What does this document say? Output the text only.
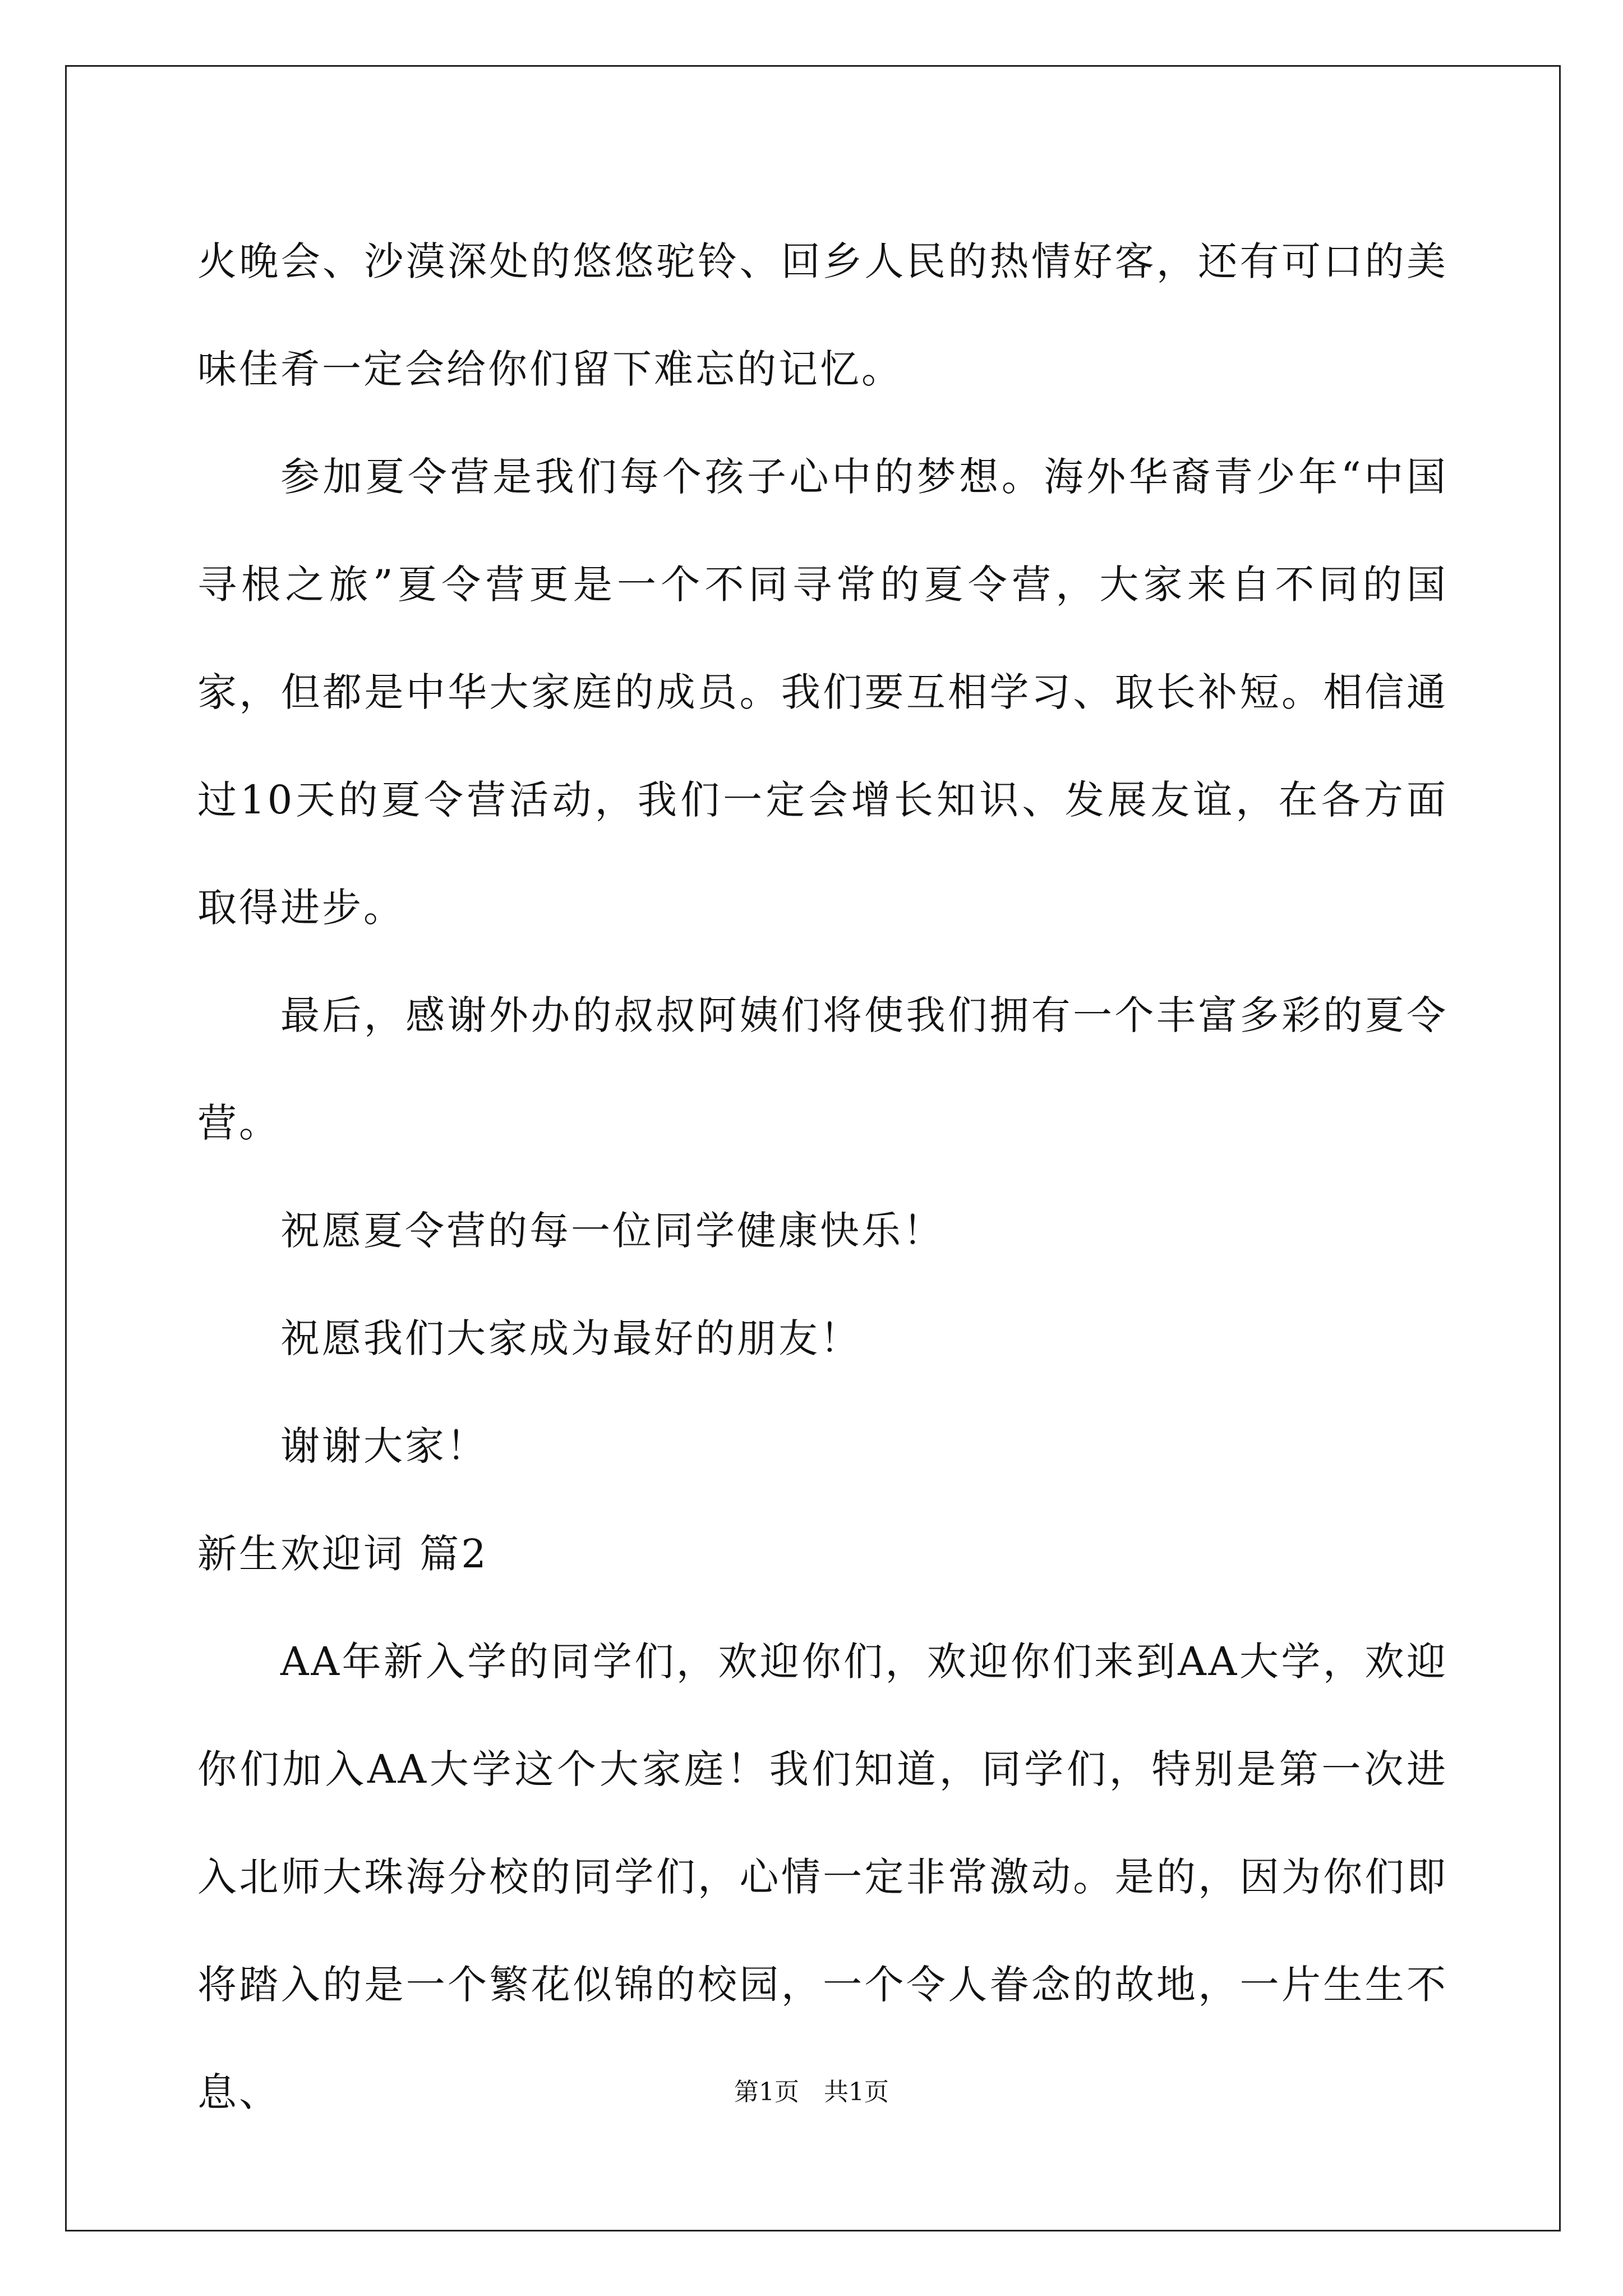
火晚会、沙漠深处的悠悠驼铃、回乡人民的热情好客，还有可口的美味佳肴一定会给你们留下难忘的记忆。

参加夏令营是我们每个孩子心中的梦想。海外华裔青少年“中国寻根之旅”夏令营更是一个不同寻常的夏令营，大家来自不同的国家，但都是中华大家庭的成员。我们要互相学习、取长补短。相信通过10天的夏令营活动，我们一定会增长知识、发展友谊，在各方面取得进步。

最后，感谢外办的叔叔阿姨们将使我们拥有一个丰富多彩的夏令营。

祝愿夏令营的每一位同学健康快乐！

祝愿我们大家成为最好的朋友！

谢谢大家！

新生欢迎词 篇2

AA年新入学的同学们，欢迎你们，欢迎你们来到AA大学，欢迎你们加入AA大学这个大家庭！我们知道，同学们，特别是第一次进入北师大珠海分校的同学们，心情一定非常激动。是的，因为你们即将踏入的是一个繁花似锦的校园，一个令人眷念的故地，一片生生不息、	第1页　共1页
